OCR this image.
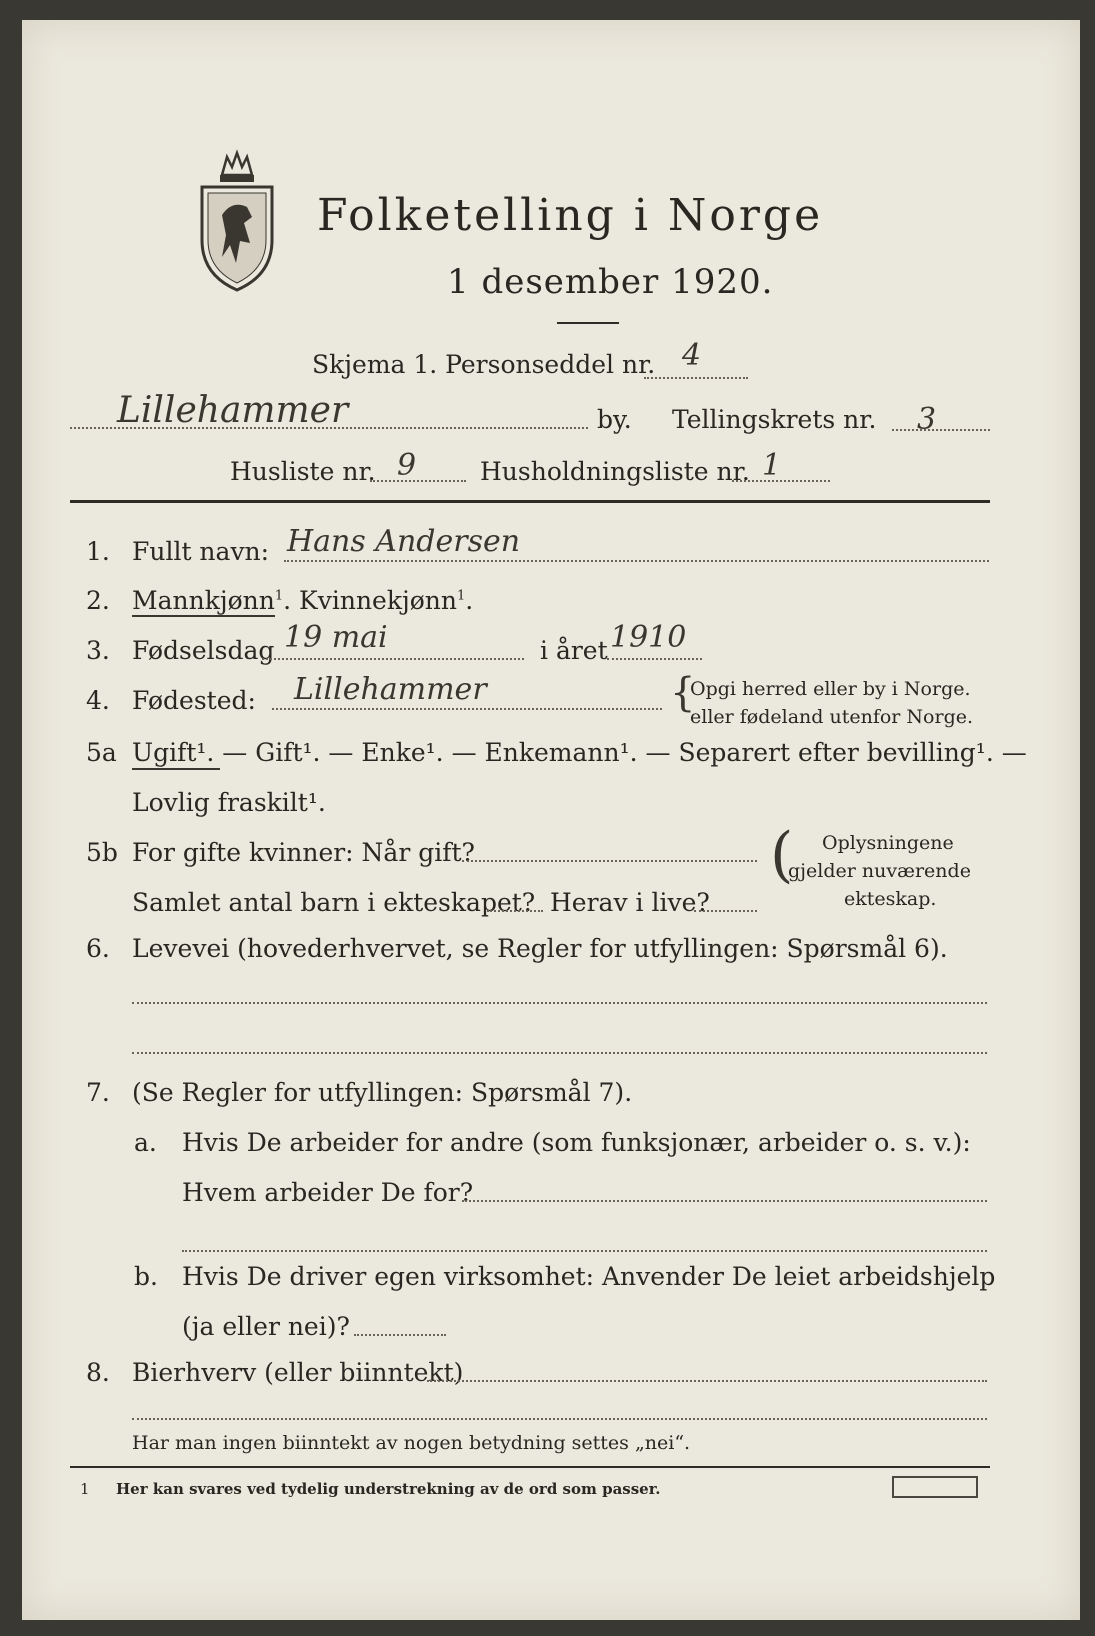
Folketelling i Norge
1 desember 1920.
Skjema 1. Personseddel nr. 4
Lillehammer	by. Tellingskrets nr. 3
Husliste nr. 9	Husholdningsliste nr. 1
1. Fullt navn: Hans Andersen
2. Mannkjønn$^1$. Kvinnekjønn$^1$.
3. Fødselsdag 19 mai	i året 1910
4. Fødested: Lillehammer	{
Opgi herred eller by i Norge.
eller fødeland utenfor Norge.
5a Ugift¹. — Gift¹. — Enke¹. — Enkemann¹. — Separert efter bevilling¹. —
Lovlig fraskilt¹.
5b For gifte kvinner: Når gift?
Samlet antal barn i ekteskapet? Herav i live?
( Oplysningene
gjelder nuværende
ekteskap.
6. Levevei (hovederhvervet, se Regler for utfyllingen: Spørsmål 6).
7. (Se Regler for utfyllingen: Spørsmål 7).
a. Hvis De arbeider for andre (som funksjonær, arbeider o. s. v.):
Hvem arbeider De for?
b. Hvis De driver egen virksomhet: Anvender De leiet arbeidshjelp
(ja eller nei)?
8. Bierhverv (eller biinntekt)
Har man ingen biinntekt av nogen betydning settes „nei“.
1 Her kan svares ved tydelig understrekning av de ord som passer.
